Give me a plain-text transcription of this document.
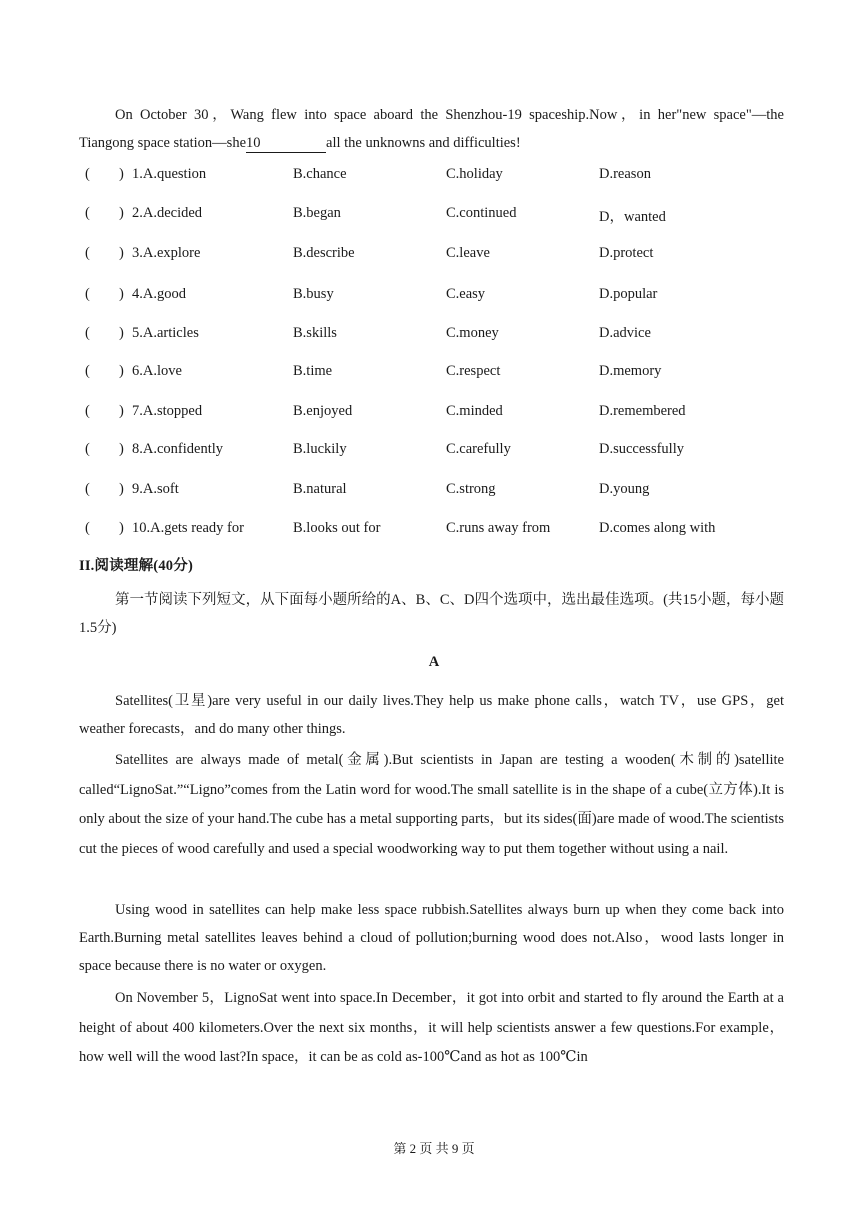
On October 30，Wang flew into space aboard the Shenzhou-19 spaceship.Now，in her"new space"—the Tiangong space station—she10	all the unknowns and difficulties!
( ) 1.A.question	B.chance	C.holiday	D.reason
( ) 2.A.decided	B.began	C.continued	D，wanted
( ) 3.A.explore	B.describe	C.leave	D.protect
( ) 4.A.good	B.busy	C.easy	D.popular
( ) 5.A.articles	B.skills	C.money	D.advice
( ) 6.A.love	B.time	C.respect	D.memory
( ) 7.A.stopped	B.enjoyed	C.minded	D.remembered
( ) 8.A.confidently	B.luckily	C.carefully	D.successfully
( ) 9.A.soft	B.natural	C.strong	D.young
( ) 10.A.gets ready for	B.looks out for	C.runs away from	D.comes along with
II.阅读理解(40分)
第一节阅读下列短文，从下面每小题所给的A、B、C、D四个选项中，选出最佳选项。(共15小题，每小题1.5分)
A
Satellites(卫星)are very useful in our daily lives.They help us make phone calls，watch TV，use GPS，get weather forecasts，and do many other things.
Satellites are always made of metal(金属).But scientists in Japan are testing a wooden(木制的)satellite called“LignoSat.”“Ligno”comes from the Latin word for wood.The small satellite is in the shape of a cube(立方体).It is only about the size of your hand.The cube has a metal supporting parts，but its sides(面)are made of wood.The scientists cut the pieces of wood carefully and used a special woodworking way to put them together without using a nail.
Using wood in satellites can help make less space rubbish.Satellites always burn up when they come back into Earth.Burning metal satellites leaves behind a cloud of pollution;burning wood does not.Also，wood lasts longer in space because there is no water or oxygen.
On November 5，LignoSat went into space.In December，it got into orbit and started to fly around the Earth at a height of about 400 kilometers.Over the next six months，it will help scientists answer a few questions.For example，how well will the wood last?In space，it can be as cold as-100℃and as hot as 100℃in
第 2 页 共 9 页
